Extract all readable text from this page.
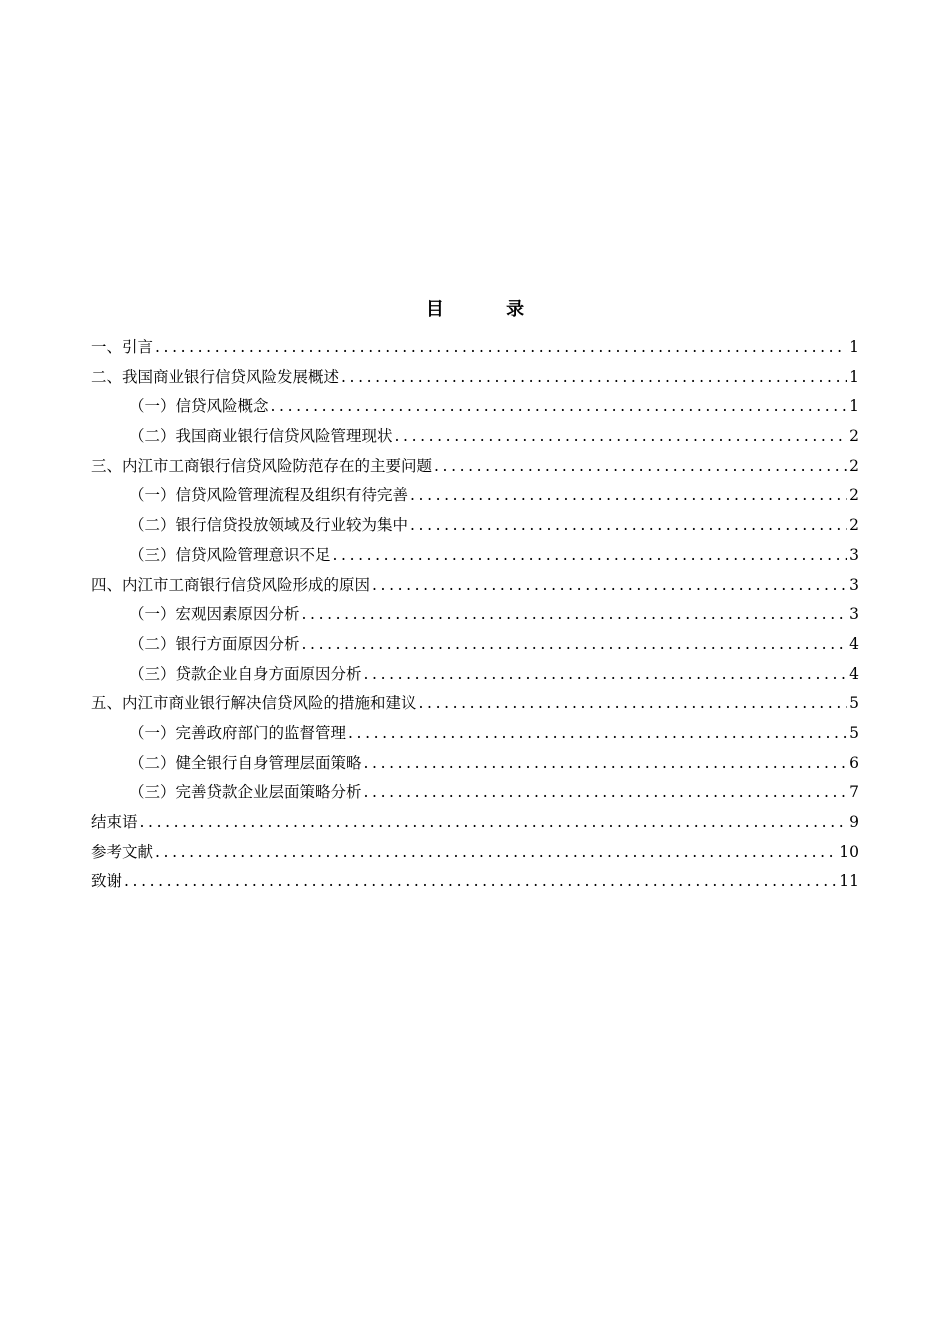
目 录
一、引言 .....	1
二、我国商业银行信贷风险发展概述 .....	1
（一）信贷风险概念 .....	1
（二）我国商业银行信贷风险管理现状 .....	2
三、内江市工商银行信贷风险防范存在的主要问题 .....	2
（一）信贷风险管理流程及组织有待完善 .....	2
（二）银行信贷投放领域及行业较为集中 .....	2
（三）信贷风险管理意识不足 .....	3
四、内江市工商银行信贷风险形成的原因 .....	3
（一）宏观因素原因分析 .....	3
（二）银行方面原因分析 .....	4
（三）贷款企业自身方面原因分析 .....	4
五、内江市商业银行解决信贷风险的措施和建议 .....	5
（一）完善政府部门的监督管理 .....	5
（二）健全银行自身管理层面策略 .....	6
（三）完善贷款企业层面策略分析 .....	7
结束语 .....	9
参考文献 .....	10
致谢 .....	11
